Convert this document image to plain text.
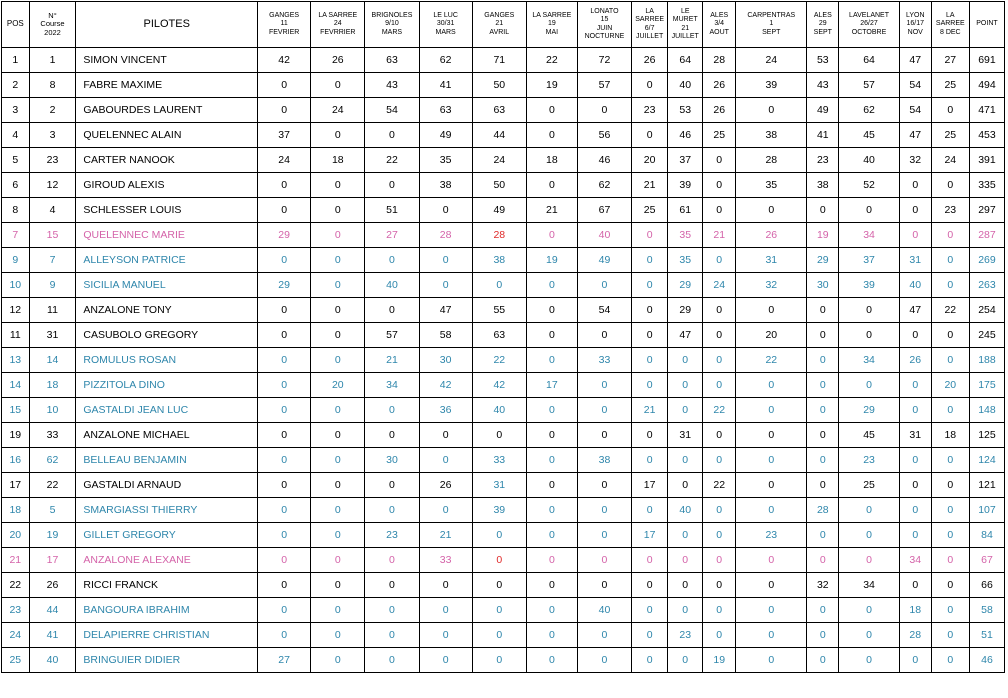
POS	N°
Course
2022	PILOTES	GANGES
11
FEVRIER	LA SARREE
24
FEVRRIER	BRIGNOLES
9/10
MARS	LE LUC
30/31
MARS	GANGES
21
AVRIL	LA SARREE
19
MAI	LONATO
15
JUIN
NOCTURNE	LA
SARREE
6/7
JUILLET	LE
MURET
21
JUILLET	ALES
3/4
AOUT	CARPENTRAS
1
SEPT	ALES
29
SEPT	LAVELANET
26/27
OCTOBRE	LYON
16/17
NOV	LA
SARREE
8 DEC	POINT
1	1	SIMON VINCENT	42	26	63	62	71	22	72	26	64	28	24	53	64	47	27	691
2	8	FABRE MAXIME	0	0	43	41	50	19	57	0	40	26	39	43	57	54	25	494
3	2	GABOURDES LAURENT	0	24	54	63	63	0	0	23	53	26	0	49	62	54	0	471
4	3	QUELENNEC ALAIN	37	0	0	49	44	0	56	0	46	25	38	41	45	47	25	453
5	23	CARTER NANOOK	24	18	22	35	24	18	46	20	37	0	28	23	40	32	24	391
6	12	GIROUD ALEXIS	0	0	0	38	50	0	62	21	39	0	35	38	52	0	0	335
8	4	SCHLESSER LOUIS	0	0	51	0	49	21	67	25	61	0	0	0	0	0	23	297
7	15	QUELENNEC MARIE	29	0	27	28	28	0	40	0	35	21	26	19	34	0	0	287
9	7	ALLEYSON PATRICE	0	0	0	0	38	19	49	0	35	0	31	29	37	31	0	269
10	9	SICILIA MANUEL	29	0	40	0	0	0	0	0	29	24	32	30	39	40	0	263
12	11	ANZALONE TONY	0	0	0	47	55	0	54	0	29	0	0	0	0	47	22	254
11	31	CASUBOLO GREGORY	0	0	57	58	63	0	0	0	47	0	20	0	0	0	0	245
13	14	ROMULUS ROSAN	0	0	21	30	22	0	33	0	0	0	22	0	34	26	0	188
14	18	PIZZITOLA DINO	0	20	34	42	42	17	0	0	0	0	0	0	0	0	20	175
15	10	GASTALDI JEAN LUC	0	0	0	36	40	0	0	21	0	22	0	0	29	0	0	148
19	33	ANZALONE MICHAEL	0	0	0	0	0	0	0	0	31	0	0	0	45	31	18	125
16	62	BELLEAU BENJAMIN	0	0	30	0	33	0	38	0	0	0	0	0	23	0	0	124
17	22	GASTALDI ARNAUD	0	0	0	26	31	0	0	17	0	22	0	0	25	0	0	121
18	5	SMARGIASSI THIERRY	0	0	0	0	39	0	0	0	40	0	0	28	0	0	0	107
20	19	GILLET GREGORY	0	0	23	21	0	0	0	17	0	0	23	0	0	0	0	84
21	17	ANZALONE ALEXANE	0	0	0	33	0	0	0	0	0	0	0	0	0	34	0	67
22	26	RICCI FRANCK	0	0	0	0	0	0	0	0	0	0	0	32	34	0	0	66
23	44	BANGOURA IBRAHIM	0	0	0	0	0	0	40	0	0	0	0	0	0	18	0	58
24	41	DELAPIERRE CHRISTIAN	0	0	0	0	0	0	0	0	23	0	0	0	0	28	0	51
25	40	BRINGUIER DIDIER	27	0	0	0	0	0	0	0	0	19	0	0	0	0	0	46
